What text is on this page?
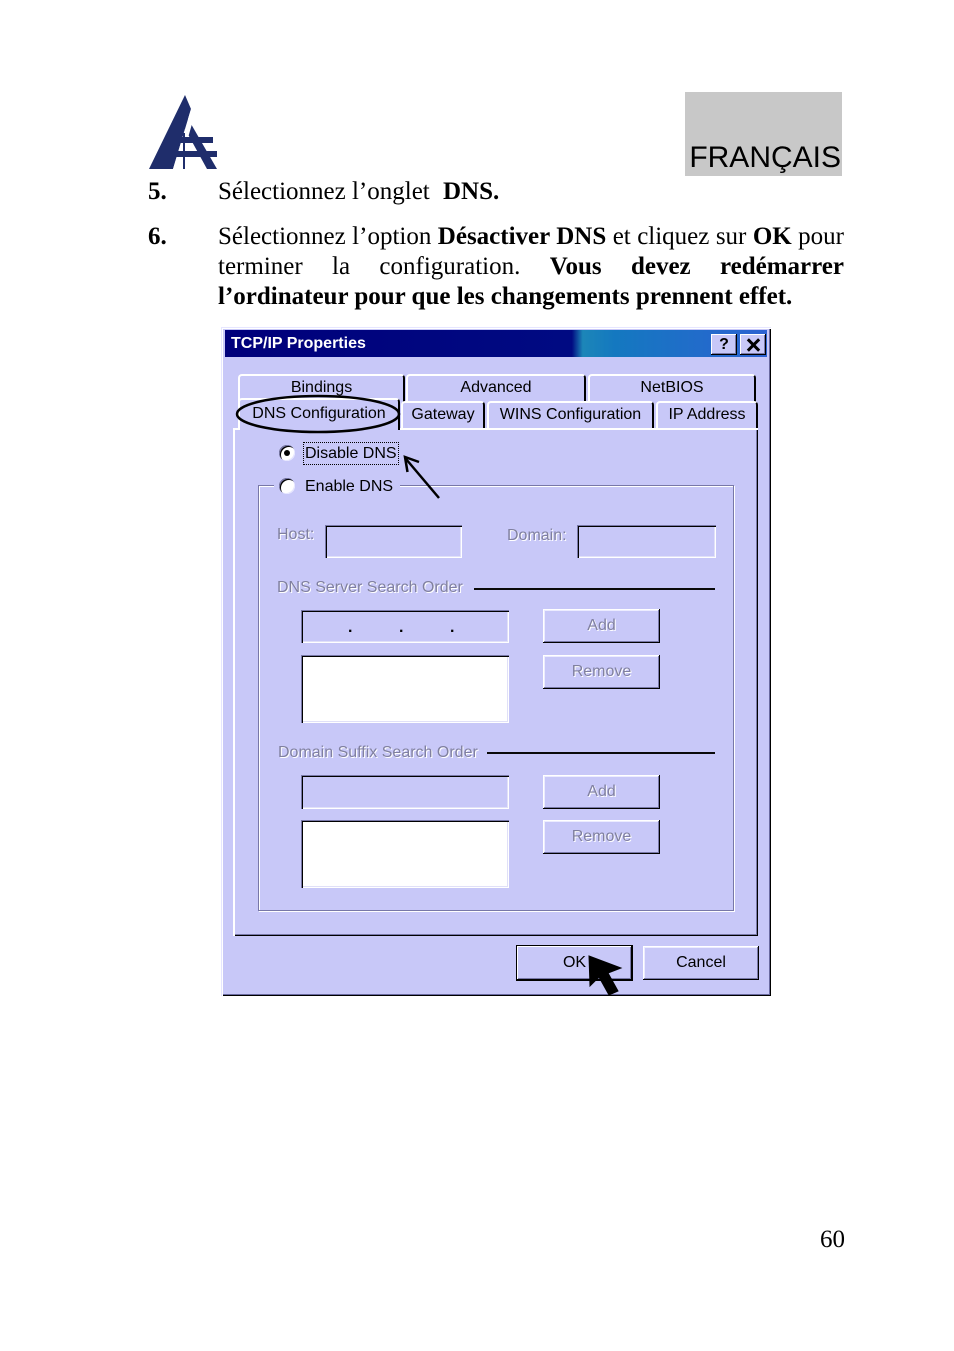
FRANÇAIS
5. Sélectionnez l’onglet DNS.
6. Sélectionnez l’option Désactiver DNS et cliquez sur OK pour terminer la configuration. Vous devez redémarrer l’ordinateur pour que les changements prennent effet.
TCP/IP Properties	?
Bindings	Advanced	NetBIOS
DNS Configuration	Gateway	WINS Configuration	IP Address
Disable DNS
Enable DNS
Host:	Domain:
DNS Server Search Order
.	.	.	Add
Remove
Domain Suffix Search Order
Add
Remove
OK	Cancel
60
